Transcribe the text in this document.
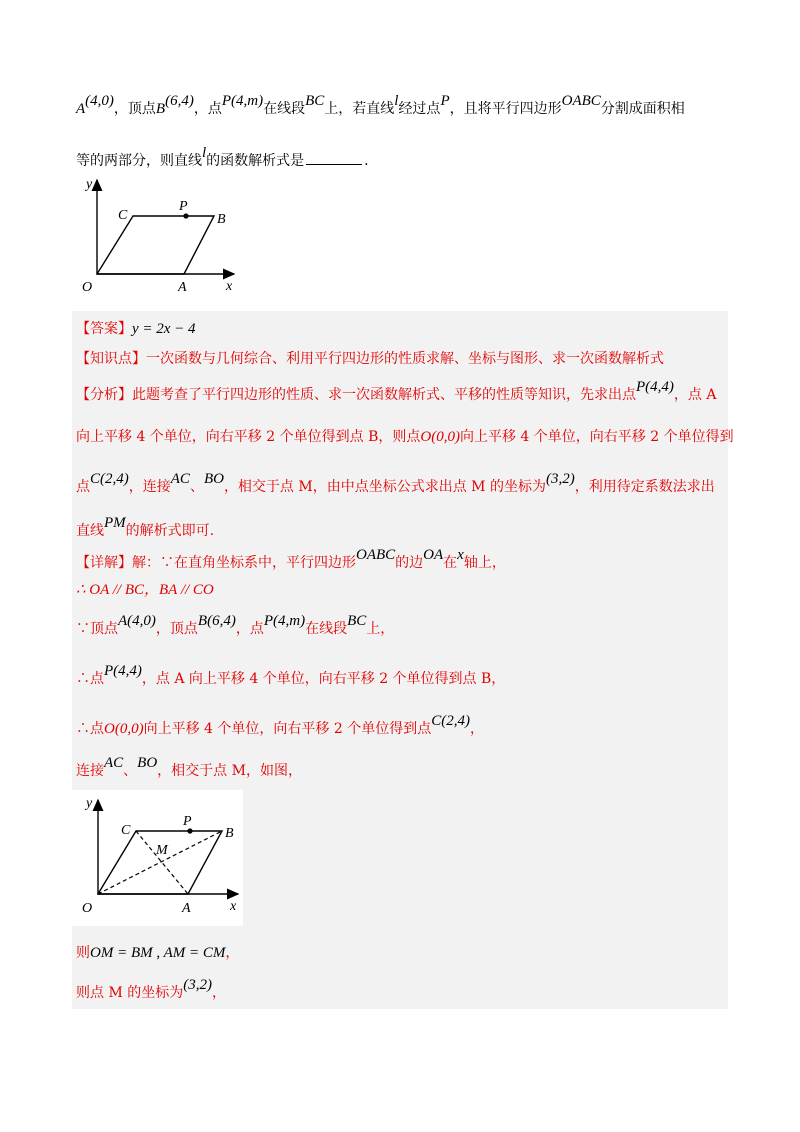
A(4,0)，顶点B(6,4)，点P(4,m)在线段BC上，若直线l经过点P，且将平行四边形OABC分割成面积相
等的两部分，则直线l的函数解析式是	.
y
x
O	A
B
C
P
【答案】y = 2x − 4
【知识点】一次函数与几何综合、利用平行四边形的性质求解、坐标与图形、求一次函数解析式
【分析】此题考查了平行四边形的性质、求一次函数解析式、平移的性质等知识，先求出点P(4,4)，点 A
向上平移 4 个单位，向右平移 2 个单位得到点 B，则点O(0,0)向上平移 4 个单位，向右平移 2 个单位得到
点C(2,4)，连接AC、BO，相交于点 M，由中点坐标公式求出点 M 的坐标为(3,2)，利用待定系数法求出
直线PM的解析式即可.
【详解】解：∵在直角坐标系中，平行四边形OABC的边OA在x轴上，
∴ OA // BC，BA // CO
∵顶点A(4,0)，顶点B(6,4)，点P(4,m)在线段BC上，
∴点P(4,4)，点 A 向上平移 4 个单位，向右平移 2 个单位得到点 B，
∴点O(0,0)向上平移 4 个单位，向右平移 2 个单位得到点C(2,4)，
连接AC、BO，相交于点 M，如图，
y
x
O	A
B
C
P
M
则OM = BM , AM = CM，
则点 M 的坐标为(3,2)，
